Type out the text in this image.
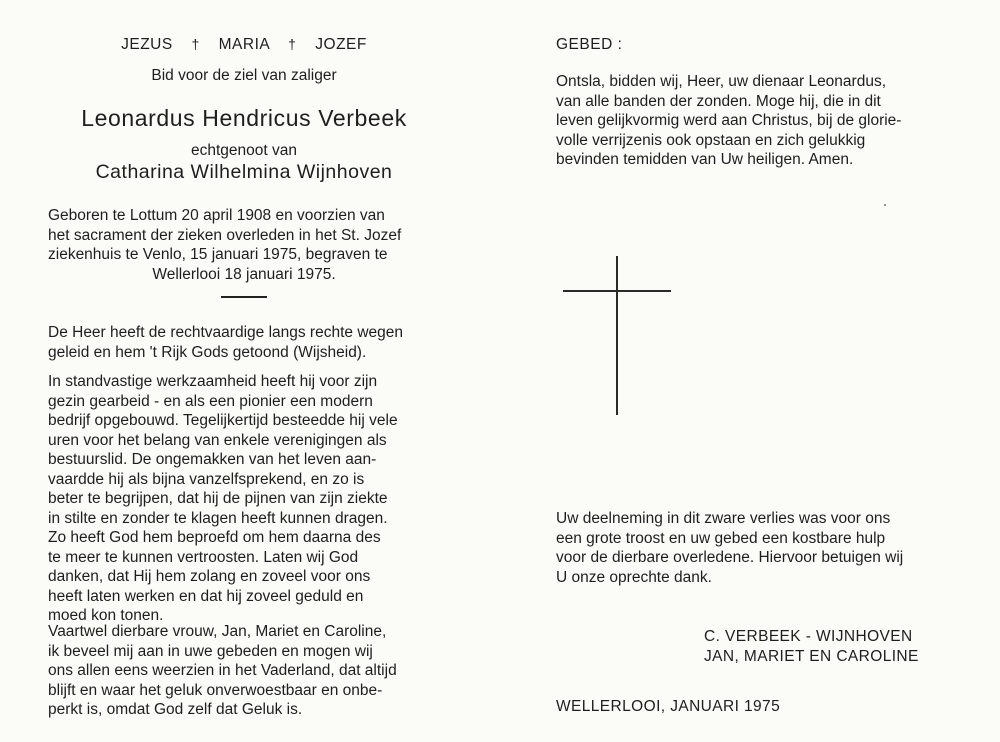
JEZUS † MARIA † JOZEF
Bid voor de ziel van zaliger
Leonardus Hendricus Verbeek
echtgenoot van
Catharina Wilhelmina Wijnhoven
Geboren te Lottum 20 april 1908 en voorzien van
het sacrament der zieken overleden in het St. Jozef
ziekenhuis te Venlo, 15 januari 1975, begraven te
Wellerlooi 18 januari 1975.
De Heer heeft de rechtvaardige langs rechte wegen
geleid en hem 't Rijk Gods getoond (Wijsheid).
In standvastige werkzaamheid heeft hij voor zijn
gezin gearbeid - en als een pionier een modern
bedrijf opgebouwd. Tegelijkertijd besteedde hij vele
uren voor het belang van enkele verenigingen als
bestuurslid. De ongemakken van het leven aan-
vaardde hij als bijna vanzelfsprekend, en zo is
beter te begrijpen, dat hij de pijnen van zijn ziekte
in stilte en zonder te klagen heeft kunnen dragen.
Zo heeft God hem beproefd om hem daarna des
te meer te kunnen vertroosten. Laten wij God
danken, dat Hij hem zolang en zoveel voor ons
heeft laten werken en dat hij zoveel geduld en
moed kon tonen.
Vaartwel dierbare vrouw, Jan, Mariet en Caroline,
ik beveel mij aan in uwe gebeden en mogen wij
ons allen eens weerzien in het Vaderland, dat altijd
blijft en waar het geluk onverwoestbaar en onbe-
perkt is, omdat God zelf dat Geluk is.
GEBED :
Ontsla, bidden wij, Heer, uw dienaar Leonardus,
van alle banden der zonden. Moge hij, die in dit
leven gelijkvormig werd aan Christus, bij de glorie-
volle verrijzenis ook opstaan en zich gelukkig
bevinden temidden van Uw heiligen. Amen.
Uw deelneming in dit zware verlies was voor ons
een grote troost en uw gebed een kostbare hulp
voor de dierbare overledene. Hiervoor betuigen wij
U onze oprechte dank.
C. VERBEEK - WIJNHOVEN
JAN, MARIET EN CAROLINE
WELLERLOOI, JANUARI 1975
